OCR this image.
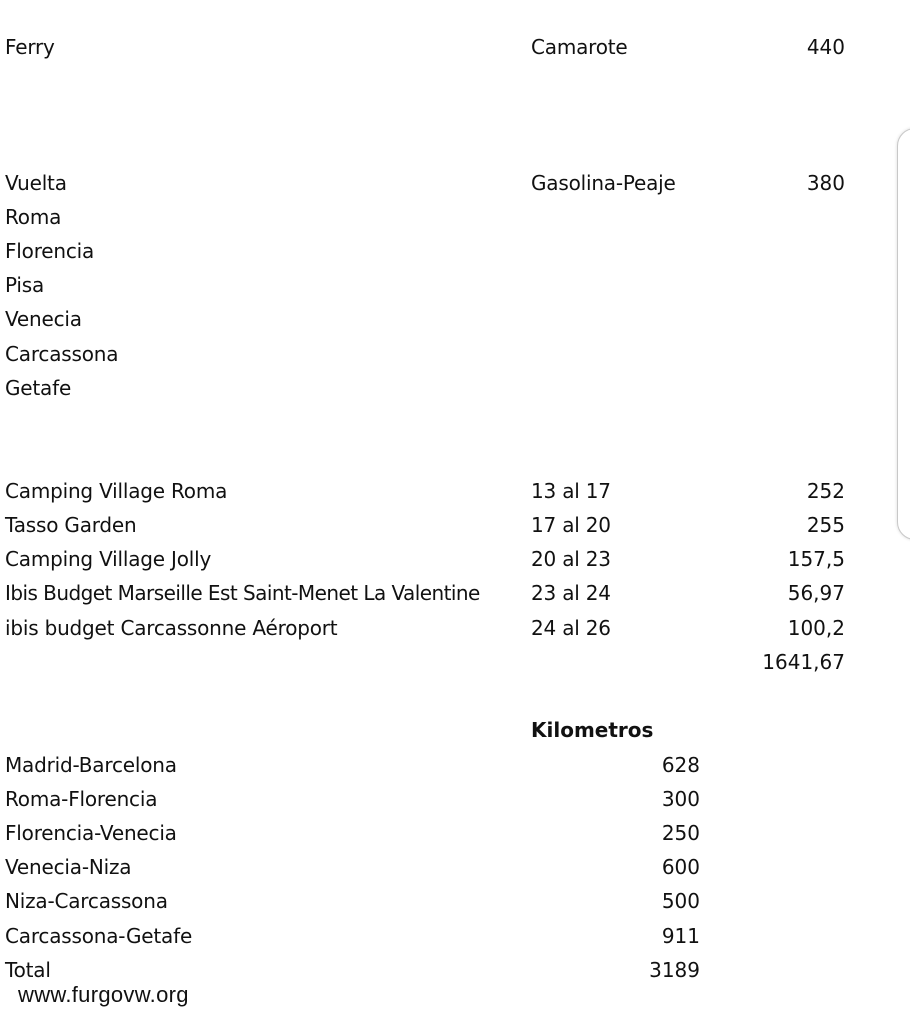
Ferry	Camarote	440
Vuelta	Gasolina-Peaje	380
Roma
Florencia
Pisa
Venecia
Carcassona
Getafe
Camping Village Roma	13 al 17	252
Tasso Garden	17 al 20	255
Camping Village Jolly	20 al 23	157,5
Ibis Budget Marseille Est Saint-Menet La Valentine	23 al 24	56,97
ibis budget Carcassonne Aéroport	24 al 26	100,2
1641,67
Kilometros
Madrid-Barcelona	628
Roma-Florencia	300
Florencia-Venecia	250
Venecia-Niza	600
Niza-Carcassona	500
Carcassona-Getafe	911
Total	3189
www.furgovw.org
